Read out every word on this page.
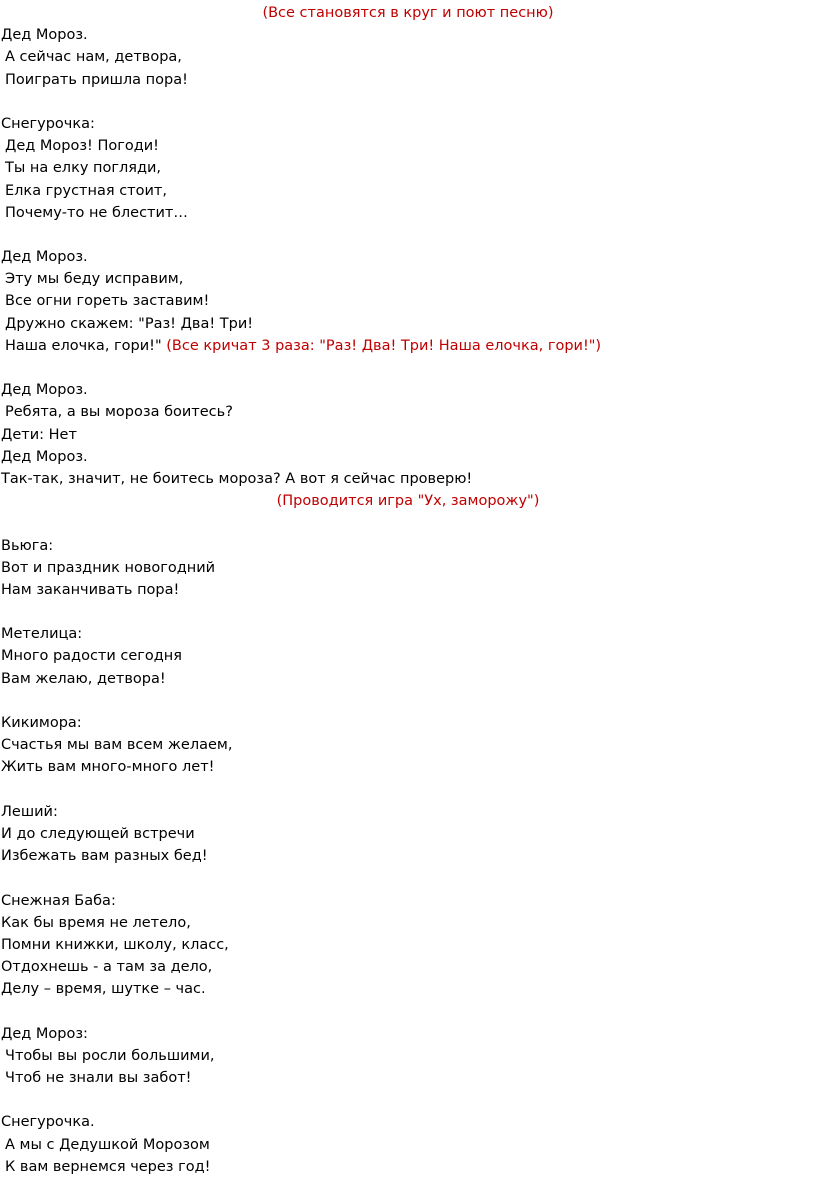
(Все становятся в круг и поют песню)
Дед Мороз.
А сейчас нам, детвора,
Поиграть пришла пора!
Снегурочка:
Дед Мороз! Погоди!
Ты на елку погляди,
Елка грустная стоит,
Почему-то не блестит…
Дед Мороз.
Эту мы беду исправим,
Все огни гореть заставим!
Дружно скажем: "Раз! Два! Три!
Наша елочка, гори!" (Все кричат 3 раза: "Раз! Два! Три! Наша елочка, гори!")
Дед Мороз.
Ребята, а вы мороза боитесь?
Дети: Нет
Дед Мороз.
Так-так, значит, не боитесь мороза? А вот я сейчас проверю!
(Проводится игра "Ух, заморожу")
Вьюга:
Вот и праздник новогодний
Нам заканчивать пора!
Метелица:
Много радости сегодня
Вам желаю, детвора!
Кикимора:
Счастья мы вам всем желаем,
Жить вам много-много лет!
Леший:
И до следующей встречи
Избежать вам разных бед!
Снежная Баба:
Как бы время не летело,
Помни книжки, школу, класс,
Отдохнешь - а там за дело,
Делу – время, шутке – час.
Дед Мороз:
Чтобы вы росли большими,
Чтоб не знали вы забот!
Снегурочка.
А мы с Дедушкой Морозом
К вам вернемся через год!
